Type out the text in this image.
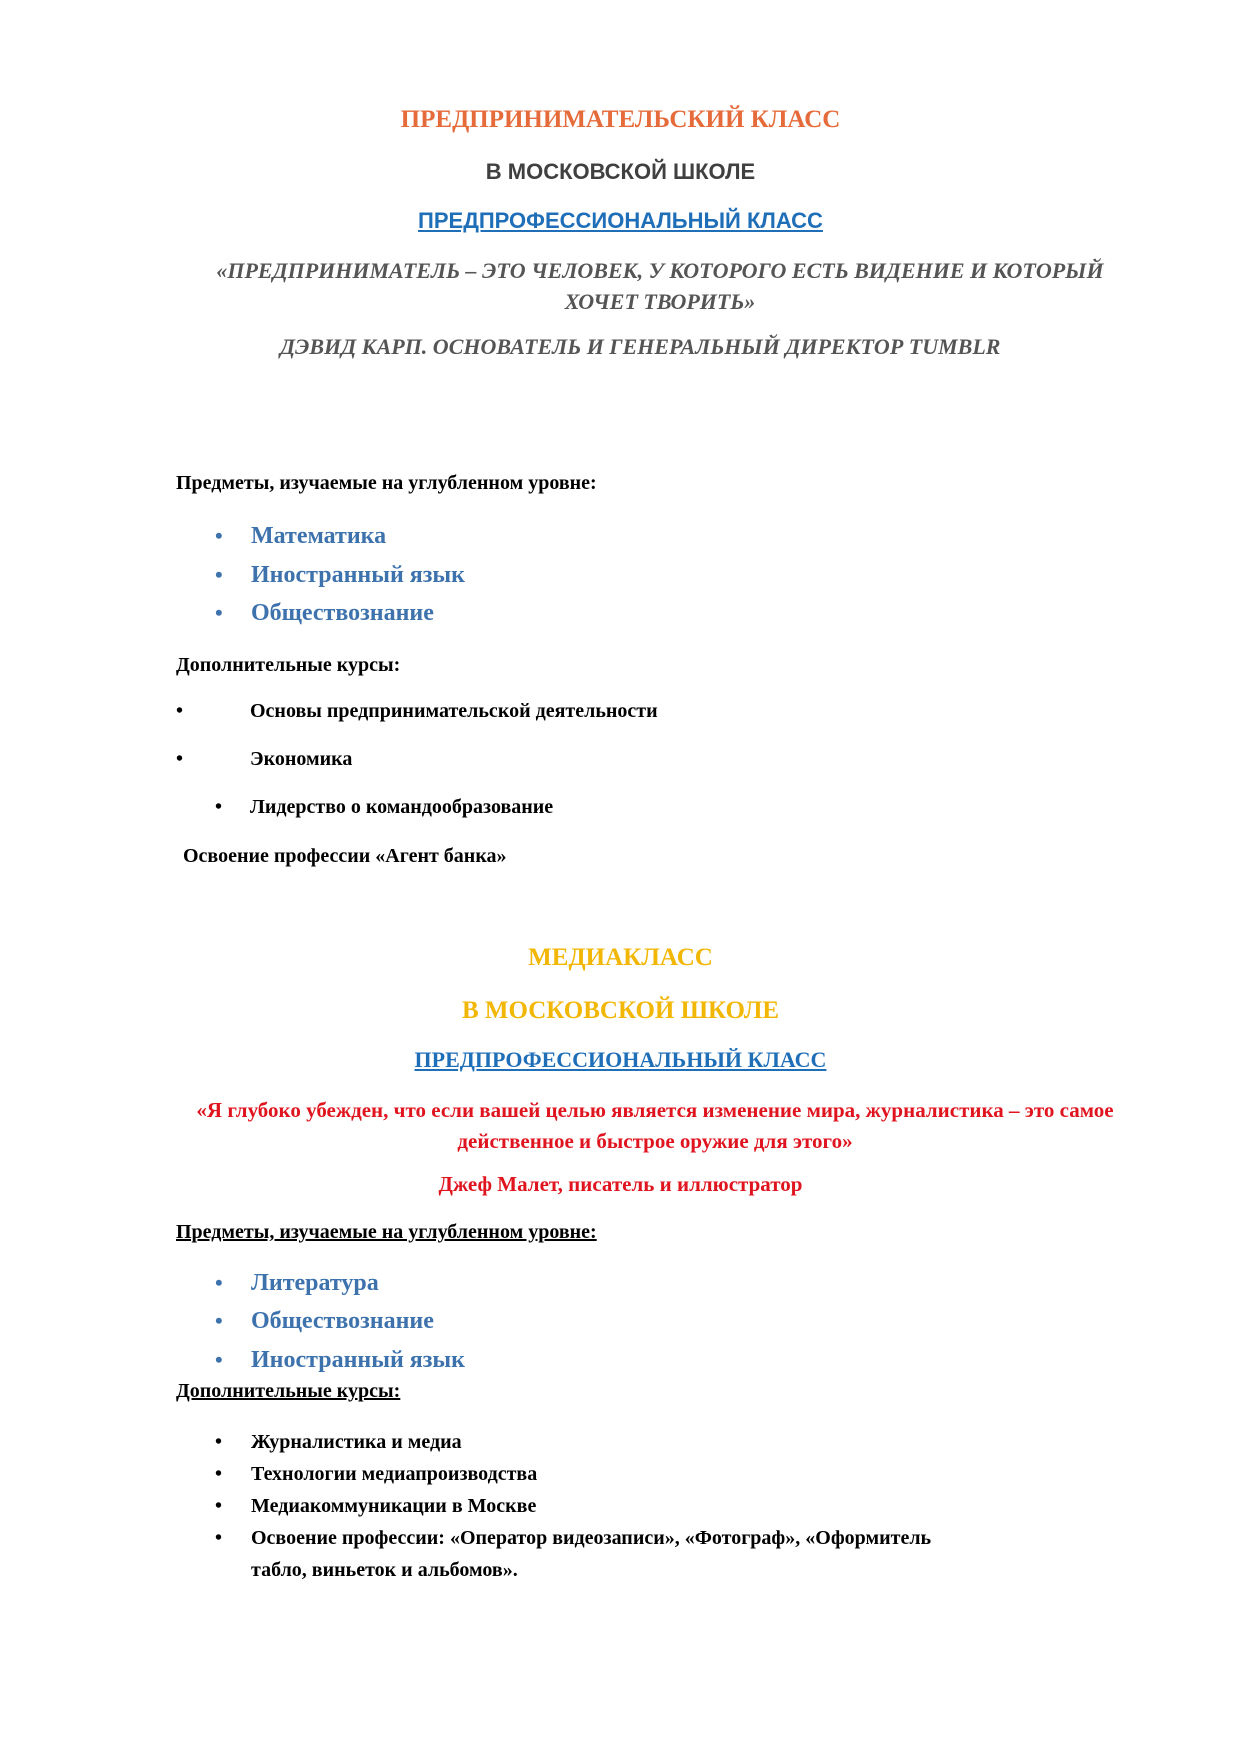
ПРЕДПРИНИМАТЕЛЬСКИЙ КЛАСС

В МОСКОВСКОЙ ШКОЛЕ

ПРЕДПРОФЕССИОНАЛЬНЫЙ КЛАСС

«ПРЕДПРИНИМАТЕЛЬ – ЭТО ЧЕЛОВЕК, У КОТОРОГО ЕСТЬ ВИДЕНИЕ И КОТОРЫЙ ХОЧЕТ ТВОРИТЬ»

ДЭВИД КАРП. ОСНОВАТЕЛЬ И ГЕНЕРАЛЬНЫЙ ДИРЕКТОР TUMBLR

Предметы, изучаемые на углубленном уровне:

• Математика
• Иностранный язык
• Обществознание

Дополнительные курсы:

•	Основы предпринимательской деятельности
•	Экономика
• Лидерство о командообразование

Освоение профессии «Агент банка»

МЕДИАКЛАСС

В МОСКОВСКОЙ ШКОЛЕ

ПРЕДПРОФЕССИОНАЛЬНЫЙ КЛАСС

«Я глубоко убежден, что если вашей целью является изменение мира, журналистика – это самое действенное и быстрое оружие для этого»

Джеф Малет, писатель и иллюстратор

Предметы, изучаемые на углубленном уровне:

• Литература
• Обществознание
• Иностранный язык

Дополнительные курсы:

• Журналистика и медиа
• Технологии медиапроизводства
• Медиакоммуникации в Москве
• Освоение профессии: «Оператор видеозаписи», «Фотограф», «Оформитель
табло, виньеток и альбомов».
